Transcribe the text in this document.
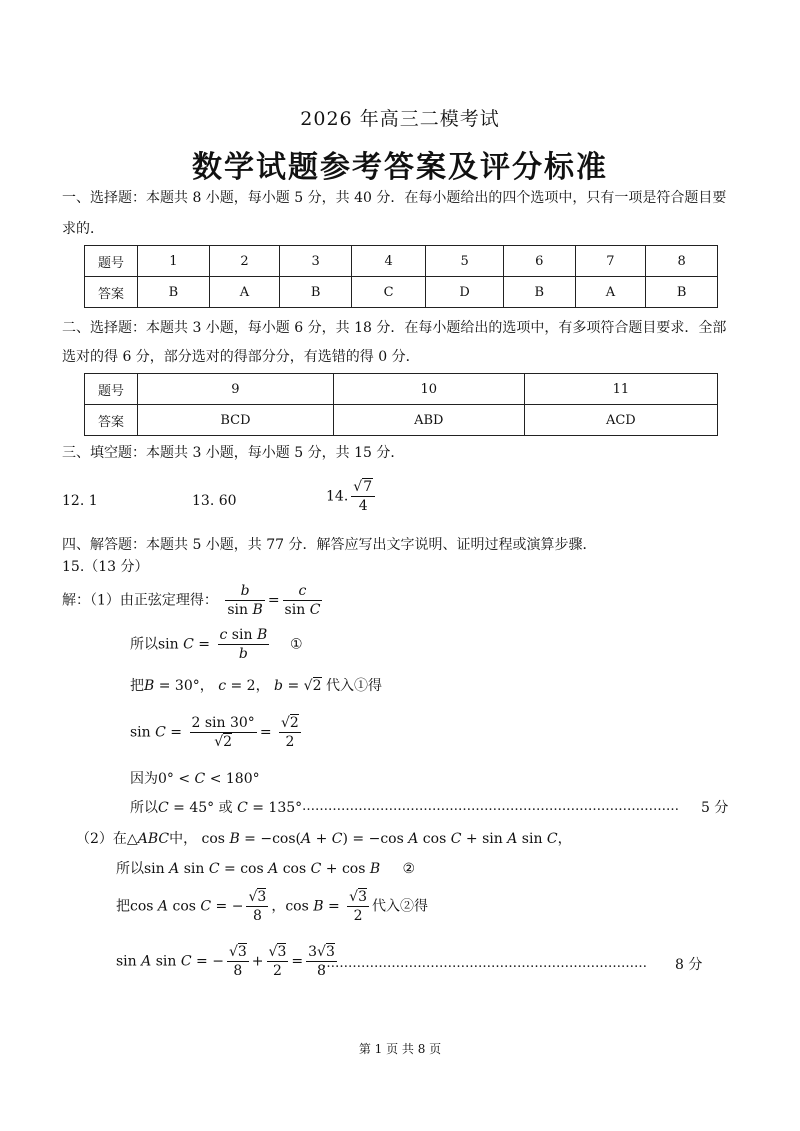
2026 年高三二模考试
数学试题参考答案及评分标准
一、选择题：本题共 8 小题，每小题 5 分，共 40 分．在每小题给出的四个选项中，只有一项是符合题目要
求的．
题号	1	2	3	4	5	6	7	8
答案	B	A	B	C	D	B	A	B
二、选择题：本题共 3 小题，每小题 6 分，共 18 分．在每小题给出的选项中，有多项符合题目要求．全部
选对的得 6 分，部分选对的得部分分，有选错的得 0 分．
题号	9	10	11
答案	BCD	ABD	ACD
三、填空题：本题共 3 小题，每小题 5 分，共 15 分．
12. 1	13. 60	14. $\frac{√7}{4}$
四、解答题：本题共 5 小题，共 77 分．解答应写出文字说明、证明过程或演算步骤．
15.（13 分）
解：（1）由正弦定理得： $\frac{b}{\text{sin B}} = \frac{c}{\text{sin C}}$
所以$\sin C = \frac{\text{c sin B}}{b}$ ①
把B = 30°， c = 2， b = √2 代入①得
$\sin C = \frac{2 \sin 30^\circ}{√2} = \frac{√2}{2}$
因为0° < C < 180°
所以C = 45° 或 C = 135° …………………………………………………………………………… 5 分
（2）在△ABC中， cos B = −cos(A + C) = −cos A cos C + sin A sin C，
所以sin A sin C = cos A cos C + cos B ②
把cos A cos C = − $\frac{√3}{8}$ ，$\cos B = \frac{√3}{2}$ 代入②得
sin A sin C = − $\frac{√3}{8} + \frac{√3}{2} = \frac{3√3}{8}$
………………………………………………………………… 8 分
第 1 页 共 8 页
